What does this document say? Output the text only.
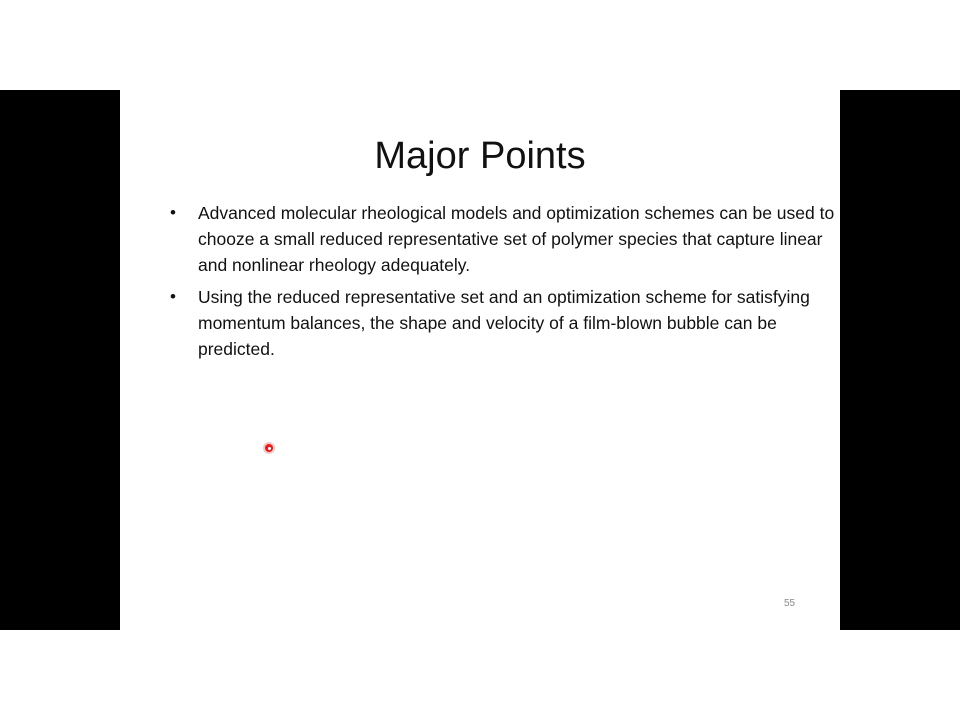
Major Points
•	Advanced molecular rheological models and optimization schemes can be used to chooze a small reduced representative set of polymer species that capture linear and nonlinear rheology adequately.
•	Using the reduced representative set and an optimization scheme for satisfying momentum balances, the shape and velocity of a film-blown bubble can be predicted.
55
